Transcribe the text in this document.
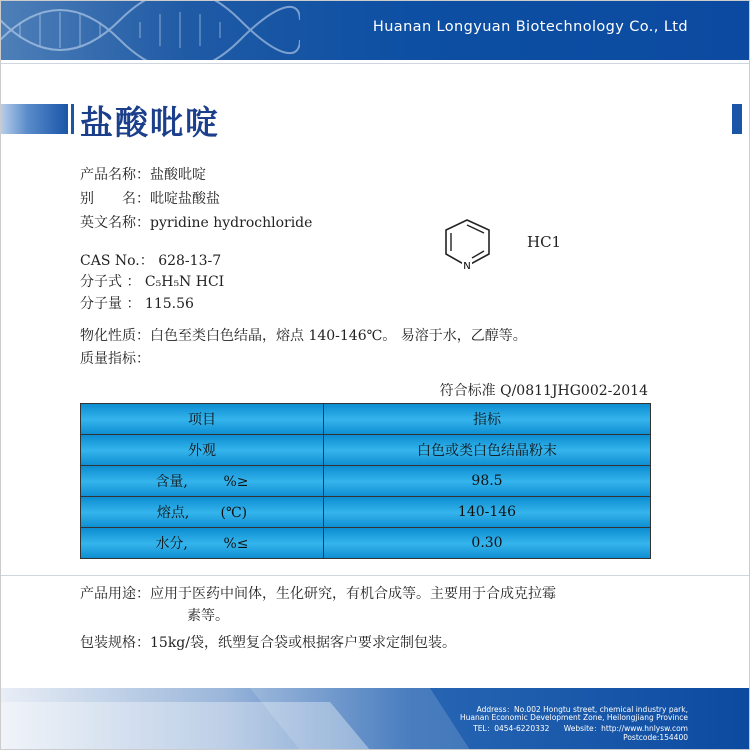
Huanan Longyuan Biotechnology Co., Ltd
盐酸吡啶
产品名称：盐酸吡啶
别　　名：吡啶盐酸盐
英文名称：pyridine hydrochloride
CAS No.： 628-13-7
分子式 ： C₅H₅N HCI
分子量 ： 115.56
N
HC1
物化性质：白色至类白色结晶，熔点 140-146℃。 易溶于水，乙醇等。
质量指标：
符合标准 Q/0811JHG002-2014
项目	指标
外观	白色或类白色结晶粉末
含量, %≥	98.5
熔点, (℃)	140-146
水分, %≤	0.30
产品用途：应用于医药中间体，生化研究，有机合成等。主要用于合成克拉霉
素等。
包装规格：15kg/袋，纸塑复合袋或根据客户要求定制包装。
Address：No.002 Hongtu street, chemical industry park,
Huanan Economic Development Zone, Heilongjiang Province
TEL：0454-6220332 Website：http://www.hnlysw.com
Postcode:154400
